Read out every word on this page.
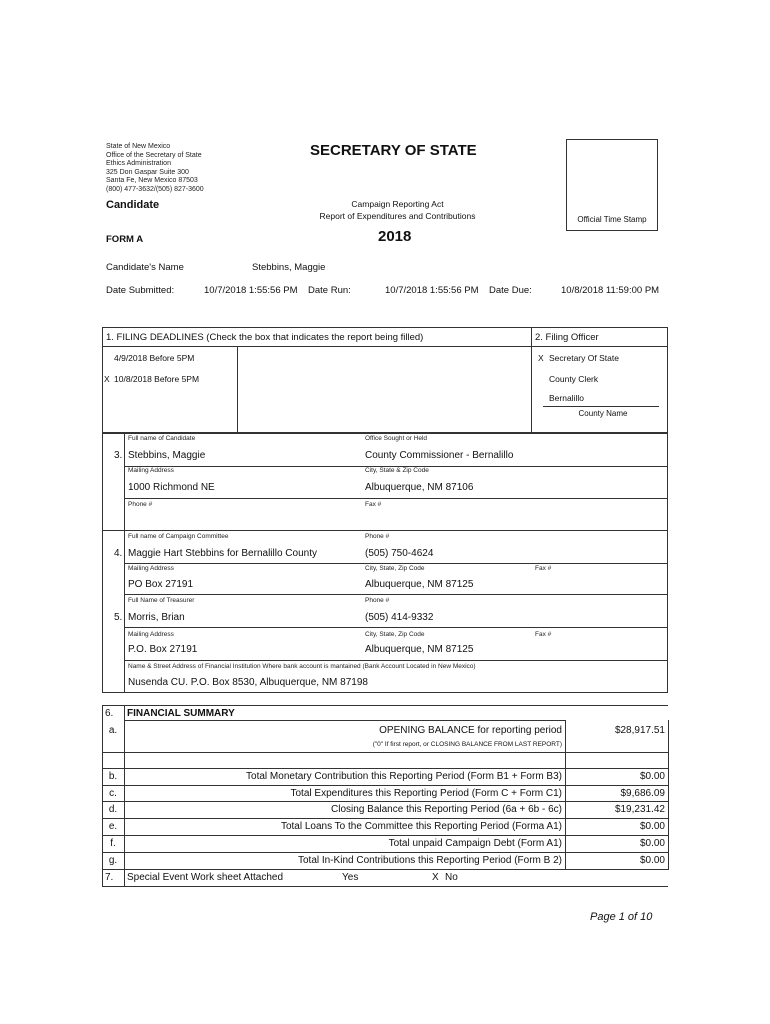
State of New Mexico
Office of the Secretary of State
Ethics Administration
325 Don Gaspar Suite 300
Santa Fe, New Mexico 87503
(800) 477-3632/(505) 827-3600
SECRETARY OF STATE
Campaign Reporting Act
Report of Expenditures and Contributions
2018
Candidate
FORM A
Official Time Stamp
Candidate's Name	Stebbins, Maggie
Date Submitted:	10/7/2018 1:55:56 PM Date Run:	10/7/2018 1:55:56 PM Date Due:	10/8/2018 11:59:00 PM
1. FILING DEADLINES (Check the box that indicates the report being filled)	2. Filing Officer
4/9/2018 Before 5PM
X 10/8/2018 Before 5PM
X Secretary Of State
County Clerk
Bernalillo
County Name
3.
Full name of Candidate
Stebbins, Maggie
Office Sought or Held
County Commissioner - Bernalillo
Mailing Address
1000 Richmond NE
City, State & Zip Code
Albuquerque, NM 87106
Phone #	Fax #
4.
Full name of Campaign Committee
Maggie Hart Stebbins for Bernalillo County
Phone #
(505) 750-4624
Mailing Address
PO Box 27191
City, State, Zip Code
Albuquerque, NM 87125
Fax #
5.
Full Name of Treasurer
Morris, Brian
Phone #
(505) 414-9332
Mailing Address
P.O. Box 27191
City, State, Zip Code
Albuquerque, NM 87125
Fax #
Name & Street Address of Financial Institution Where bank account is mantained (Bank Account Located in New Mexico)
Nusenda CU. P.O. Box 8530, Albuquerque, NM 87198
6. FINANCIAL SUMMARY
a.	OPENING BALANCE for reporting period	$28,917.51
("0" If first report, or CLOSING BALANCE FROM LAST REPORT)
b.	Total Monetary Contribution this Reporting Period (Form B1 + Form B3)	$0.00
c.	Total Expenditures this Reporting Period (Form C + Form C1)	$9,686.09
d.	Closing Balance this Reporting Period (6a + 6b - 6c)	$19,231.42
e.	Total Loans To the Committee this Reporting Period (Forma A1)	$0.00
f.	Total unpaid Campaign Debt (Form A1)	$0.00
g.	Total In-Kind Contributions this Reporting Period (Form B 2)	$0.00
7. Special Event Work sheet Attached	Yes	X No
Page 1 of 10
